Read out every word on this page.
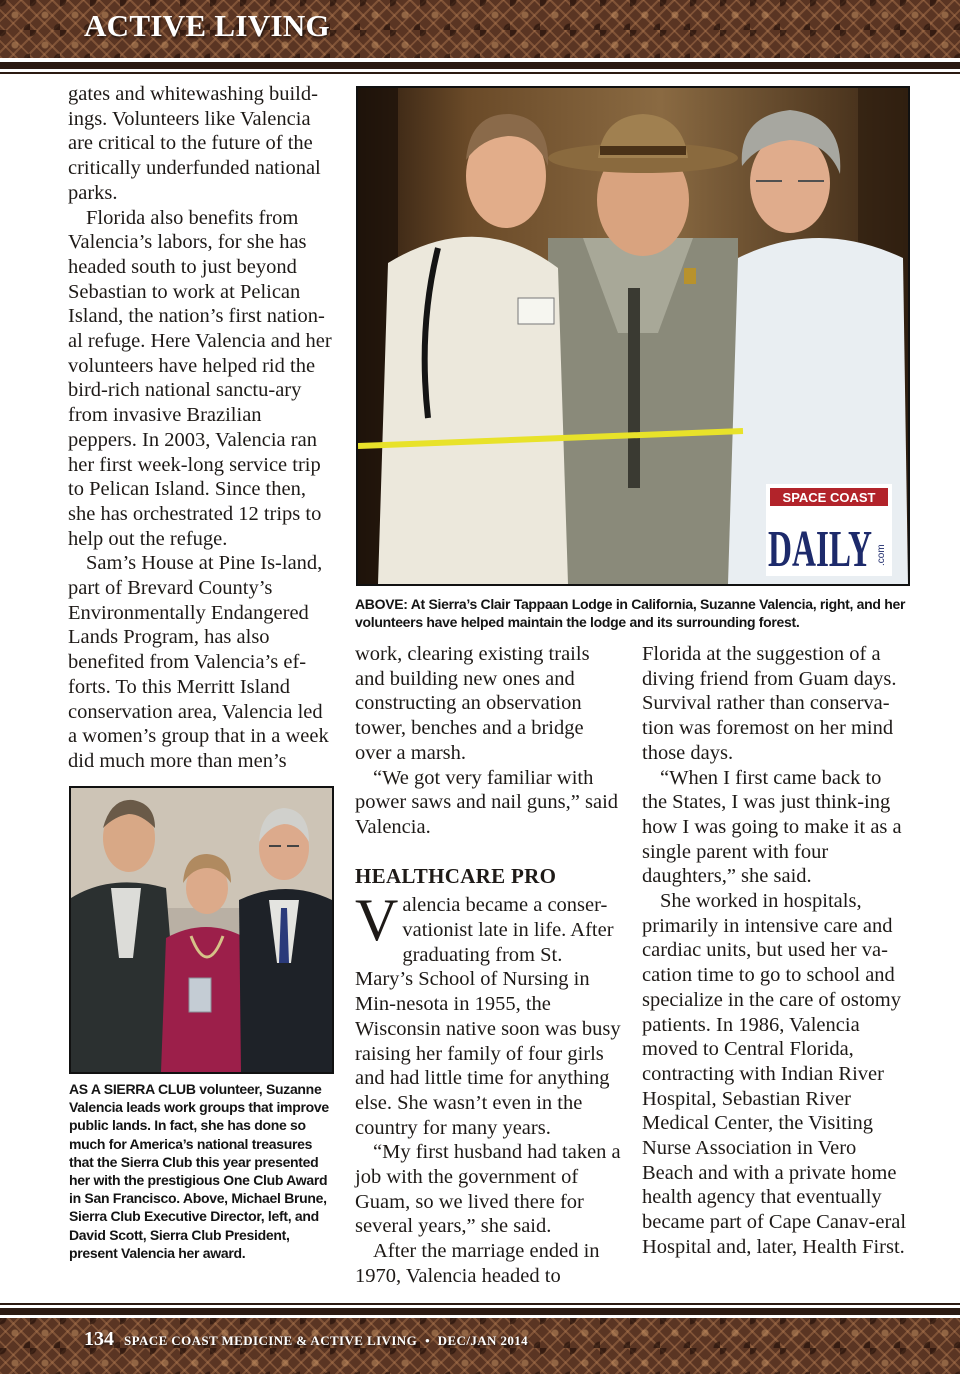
ACTIVE LIVING

gates and whitewashing build-ings. Volunteers like Valencia are critical to the future of the critically underfunded national parks.

Florida also benefits from Valencia’s labors, for she has headed south to just beyond Sebastian to work at Pelican Island, the nation’s first nation-al refuge. Here Valencia and her volunteers have helped rid the bird-rich national sanctu-ary from invasive Brazilian peppers. In 2003, Valencia ran her first week-long service trip to Pelican Island. Since then, she has orchestrated 12 trips to help out the refuge.

Sam’s House at Pine Is-land, part of Brevard County’s Environmentally Endangered Lands Program, has also benefited from Valencia’s ef-forts. To this Merritt Island conservation area, Valencia led a women’s group that in a week did much more than men’s

SPACE COAST
DAILY .com

ABOVE: At Sierra’s Clair Tappaan Lodge in California, Suzanne Valencia, right, and her volunteers have helped maintain the lodge and its surrounding forest.

AS A SIERRA CLUB volunteer, Suzanne Valencia leads work groups that improve public lands. In fact, she has done so much for America’s national treasures that the Sierra Club this year presented her with the prestigious One Club Award in San Francisco. Above, Michael Brune, Sierra Club Executive Director, left, and David Scott, Sierra Club President, present Valencia her award.

work, clearing existing trails and building new ones and constructing an observation tower, benches and a bridge over a marsh.

“We got very familiar with power saws and nail guns,” said Valencia.

HEALTHCARE PRO

Valencia became a conser-vationist late in life. After graduating from St. Mary’s School of Nursing in Min-nesota in 1955, the Wisconsin native soon was busy raising her family of four girls and had little time for anything else. She wasn’t even in the country for many years.

“My first husband had taken a job with the government of Guam, so we lived there for several years,” she said.

After the marriage ended in 1970, Valencia headed to

Florida at the suggestion of a diving friend from Guam days. Survival rather than conserva-tion was foremost on her mind those days.

“When I first came back to the States, I was just think-ing how I was going to make it as a single parent with four daughters,” she said.

She worked in hospitals, primarily in intensive care and cardiac units, but used her va-cation time to go to school and specialize in the care of ostomy patients. In 1986, Valencia moved to Central Florida, contracting with Indian River Hospital, Sebastian River Medical Center, the Visiting Nurse Association in Vero Beach and with a private home health agency that eventually became part of Cape Canav-eral Hospital and, later, Health First.

134 SPACE COAST MEDICINE & ACTIVE LIVING • DEC/JAN 2014
